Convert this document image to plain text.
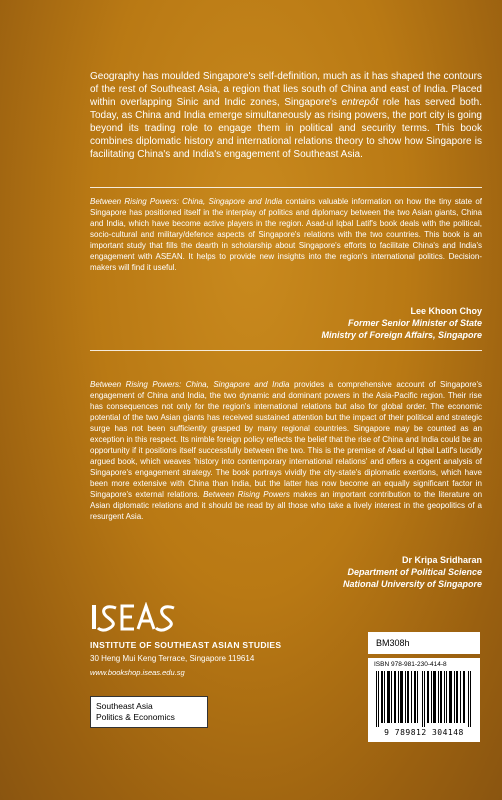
Geography has moulded Singapore's self-definition, much as it has shaped the contours of the rest of Southeast Asia, a region that lies south of China and east of India. Placed within overlapping Sinic and Indic zones, Singapore's entrepôt role has served both. Today, as China and India emerge simultaneously as rising powers, the port city is going beyond its trading role to engage them in political and security terms. This book combines diplomatic history and international relations theory to show how Singapore is facilitating China's and India's engagement of Southeast Asia.

Between Rising Powers: China, Singapore and India contains valuable information on how the tiny state of Singapore has positioned itself in the interplay of politics and diplomacy between the two Asian giants, China and India, which have become active players in the region. Asad-ul Iqbal Latif's book deals with the political, socio-cultural and military/defence aspects of Singapore's relations with the two countries. This book is an important study that fills the dearth in scholarship about Singapore's efforts to facilitate China's and India's engagement with ASEAN. It helps to provide new insights into the region's international politics. Decision-makers will find it useful.

Lee Khoon Choy
Former Senior Minister of State
Ministry of Foreign Affairs, Singapore

Between Rising Powers: China, Singapore and India provides a comprehensive account of Singapore's engagement of China and India, the two dynamic and dominant powers in the Asia-Pacific region. Their rise has consequences not only for the region's international relations but also for global order. The economic potential of the two Asian giants has received sustained attention but the impact of their political and strategic surge has not been sufficiently grasped by many regional countries. Singapore may be counted as an exception in this respect. Its nimble foreign policy reflects the belief that the rise of China and India could be an opportunity if it positions itself successfully between the two. This is the premise of Asad-ul Iqbal Latif's lucidly argued book, which weaves 'history into contemporary international relations' and offers a cogent analysis of Singapore's engagement strategy. The book portrays vividly the city-state's diplomatic exertions, which have been more extensive with China than India, but the latter has now become an equally significant factor in Singapore's external relations. Between Rising Powers makes an important contribution to the literature on Asian diplomatic relations and it should be read by all those who take a lively interest in the geopolitics of a resurgent Asia.

Dr Kripa Sridharan
Department of Political Science
National University of Singapore
INSTITUTE OF SOUTHEAST ASIAN STUDIES
30 Heng Mui Keng Terrace, Singapore 119614
www.bookshop.iseas.edu.sg
Southeast Asia
Politics & Economics
BM308h
ISBN 978-981-230-414-8
9 789812 304148
